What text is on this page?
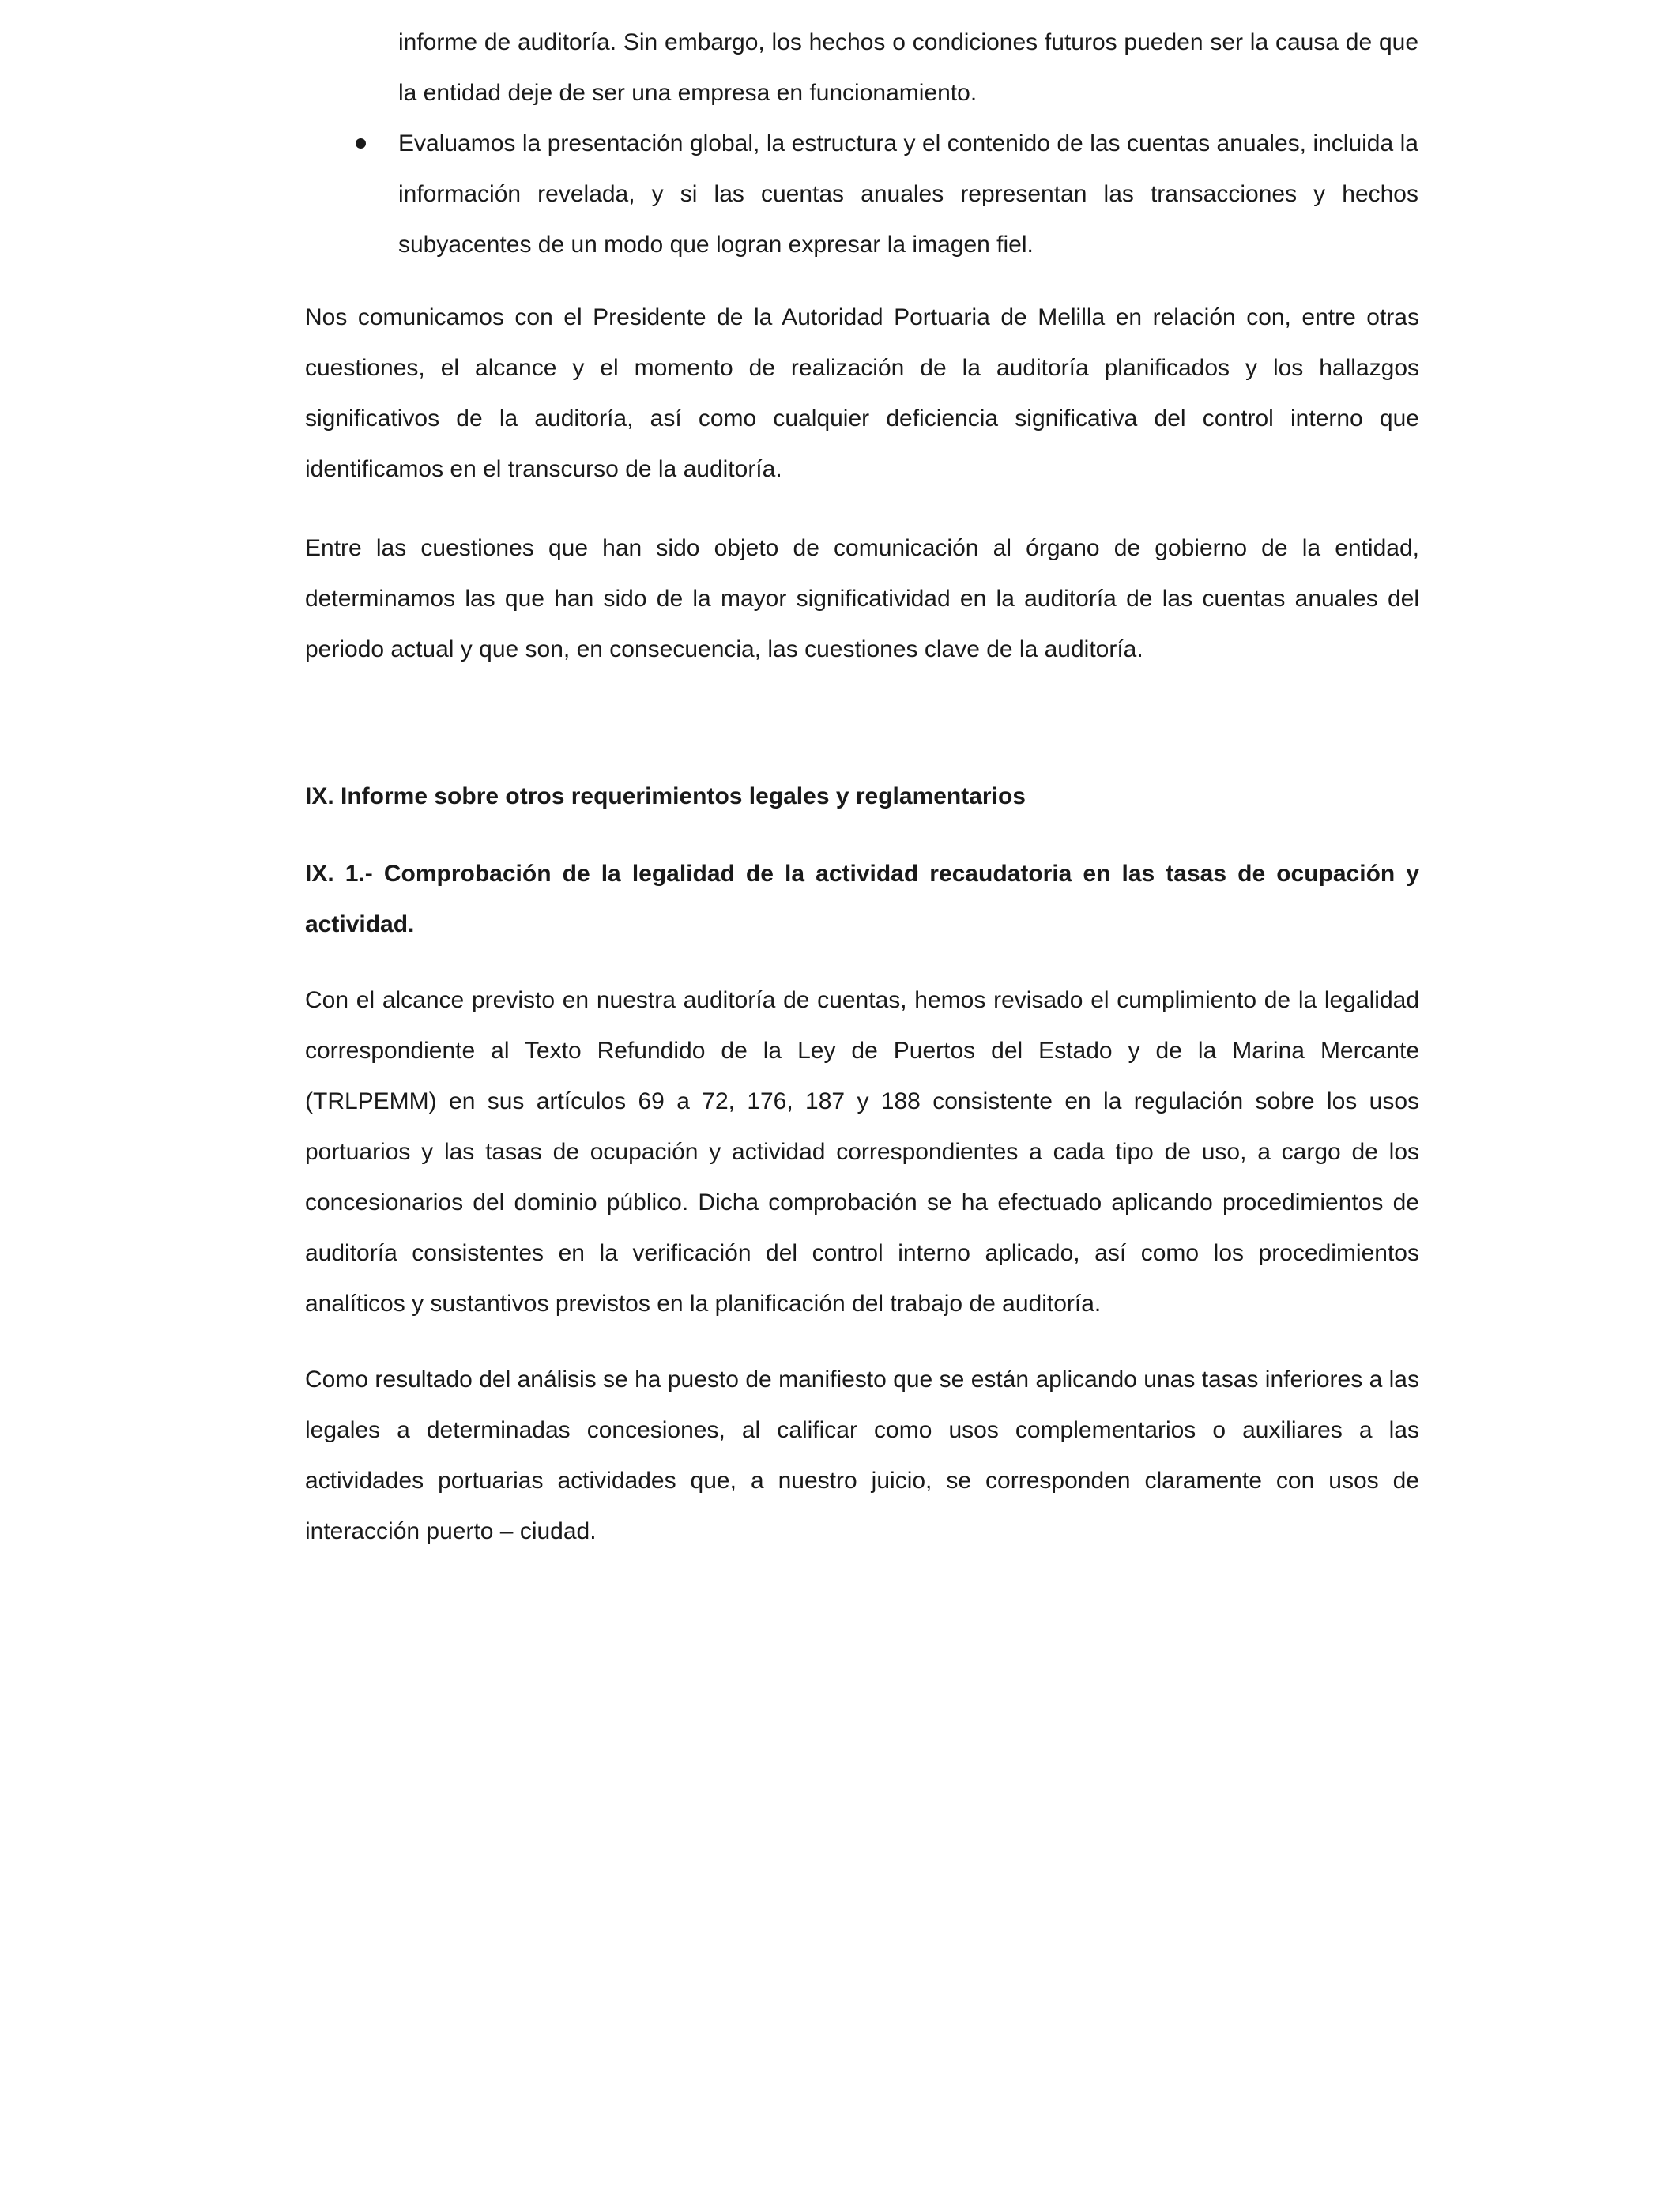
informe de auditoría. Sin embargo, los hechos o condiciones futuros pueden ser la causa de que la entidad deje de ser una empresa en funcionamiento.

Evaluamos la presentación global, la estructura y el contenido de las cuentas anuales, incluida la información revelada, y si las cuentas anuales representan las transacciones y hechos subyacentes de un modo que logran expresar la imagen fiel.

Nos comunicamos con el Presidente de la Autoridad Portuaria de Melilla en relación con, entre otras cuestiones, el alcance y el momento de realización de la auditoría planificados y los hallazgos significativos de la auditoría, así como cualquier deficiencia significativa del control interno que identificamos en el transcurso de la auditoría.

Entre las cuestiones que han sido objeto de comunicación al órgano de gobierno de la entidad, determinamos las que han sido de la mayor significatividad en la auditoría de las cuentas anuales del periodo actual y que son, en consecuencia, las cuestiones clave de la auditoría.

IX. Informe sobre otros requerimientos legales y reglamentarios

IX. 1.- Comprobación de la legalidad de la actividad recaudatoria en las tasas de ocupación y actividad.

Con el alcance previsto en nuestra auditoría de cuentas, hemos revisado el cumplimiento de la legalidad correspondiente al Texto Refundido de la Ley de Puertos del Estado y de la Marina Mercante (TRLPEMM) en sus artículos 69 a 72, 176, 187 y 188 consistente en la regulación sobre los usos portuarios y las tasas de ocupación y actividad correspondientes a cada tipo de uso, a cargo de los concesionarios del dominio público. Dicha comprobación se ha efectuado aplicando procedimientos de auditoría consistentes en la verificación del control interno aplicado, así como los procedimientos analíticos y sustantivos previstos en la planificación del trabajo de auditoría.

Como resultado del análisis se ha puesto de manifiesto que se están aplicando unas tasas inferiores a las legales a determinadas concesiones, al calificar como usos complementarios o auxiliares a las actividades portuarias actividades que, a nuestro juicio, se corresponden claramente con usos de interacción puerto – ciudad.
